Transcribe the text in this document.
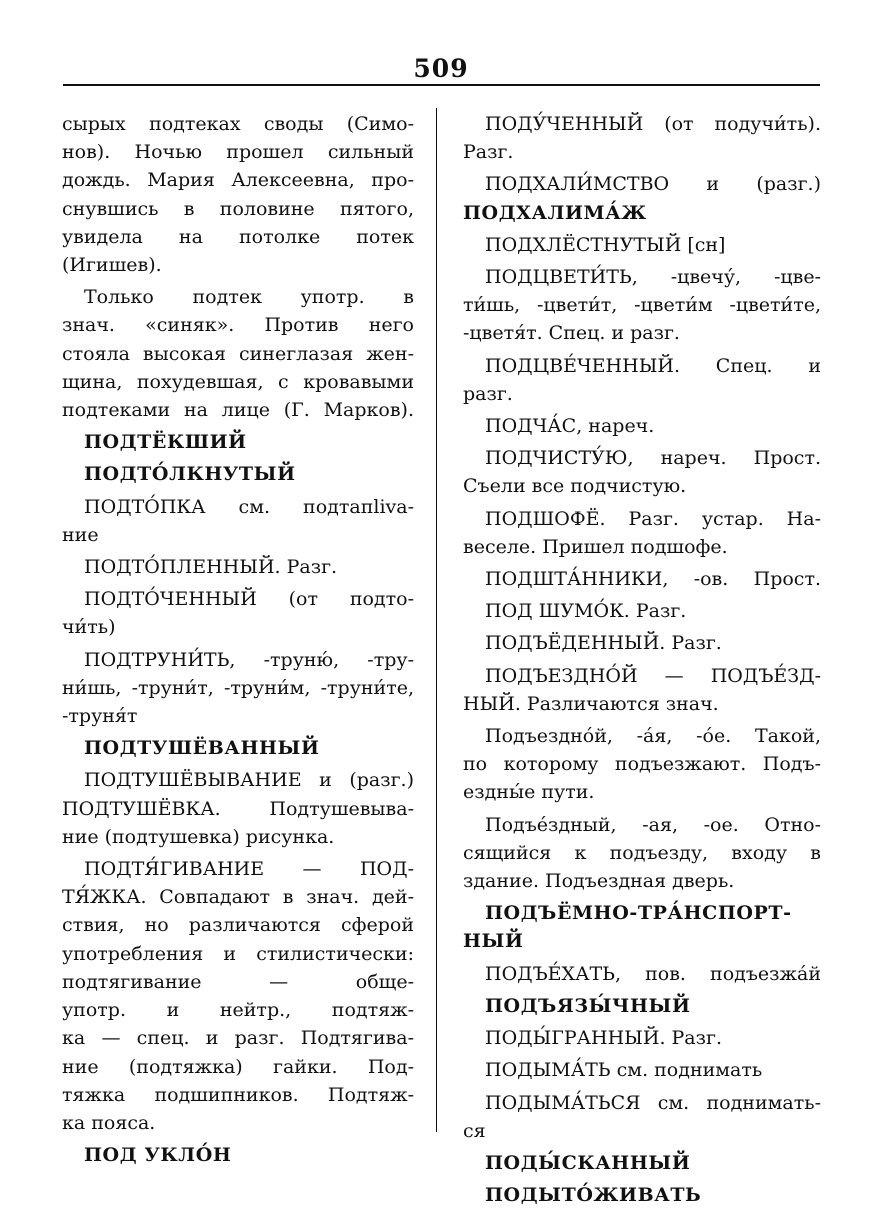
509

сырых подтеках своды (Симо-

нов). Ночью прошел сильный

дождь. Мария Алексеевна, про-

снувшись в половине пятого,

увидела на потолке потек

(Игишев).

Только подтек употр. в

знач. «синяк». Против него

стояла высокая синеглазая жен-

щина, похудевшая, с кровавыми

подтеками на лице (Г. Марков).

ПОДТЁКШИЙ

ПОДТО́ЛКНУТЫЙ

ПОДТО́ПКА см. подтапliva-

ние

ПОДТО́ПЛЕННЫЙ. Разг.

ПОДТО́ЧЕННЫЙ (от подто-

чи́ть)

ПОДТРУНИ́ТЬ, -труню́, -тру-

ни́шь, -труни́т, -труни́м, -труни́те,

-труня́т

ПОДТУШЁВАННЫЙ

ПОДТУШЁВЫВАНИЕ и (разг.)

ПОДТУШЁВКА. Подтушевыва-

ние (подтушевка) рисунка.

ПОДТЯ́ГИВАНИЕ — ПОД-

ТЯ́ЖКА. Совпадают в знач. дей-

ствия, но различаются сферой

употребления и стилистически:

подтягивание — обще-

употр. и нейтр., подтяж-

ка — спец. и разг. Подтягива-

ние (подтяжка) гайки. Под-

тяжка подшипников. Подтяж-

ка пояса.

ПОД УКЛО́Н

ПОДУ́ЧЕННЫЙ (от подучи́ть).

Разг.

ПОДХАЛИ́МСТВО и (разг.)

ПОДХАЛИМА́Ж

ПОДХЛЁСТНУТЫЙ [сн]

ПОДЦВЕТИ́ТЬ, -цвечу́, -цве-

ти́шь, -цвети́т, -цвети́м -цвети́те,

-цветя́т. Спец. и разг.

ПОДЦВЕ́ЧЕННЫЙ. Спец. и

разг.

ПОДЧА́С, нареч.

ПОДЧИСТУ́Ю, нареч. Прост.

Съели все подчистую.

ПОДШОФЁ. Разг. устар. На-

веселе. Пришел подшофе.

ПОДШТА́ННИКИ, -ов. Прост.

ПОД ШУМО́К. Разг.

ПОДЪЁДЕННЫЙ. Разг.

ПОДЪЕЗДНО́Й — ПОДЪЕ́ЗД-

НЫЙ. Различаются знач.

Подъездно́й, -а́я, -о́е. Такой,

по которому подъезжают. Подъ-

ездны́е пути.

Подъе́здный, -ая, -ое. Отно-

сящийся к подъезду, входу в

здание. Подъездная дверь.

ПОДЪЁМНО-ТРА́НСПОРТ-

НЫЙ

ПОДЪЕ́ХАТЬ, пов. подъезжа́й

ПОДЪЯЗЫ́ЧНЫЙ

ПОДЫ́ГРАННЫЙ. Разг.

ПОДЫМА́ТЬ см. поднимать

ПОДЫМА́ТЬСЯ см. поднимать-

ся

ПОДЫ́СКАННЫЙ

ПОДЫТО́ЖИВАТЬ
